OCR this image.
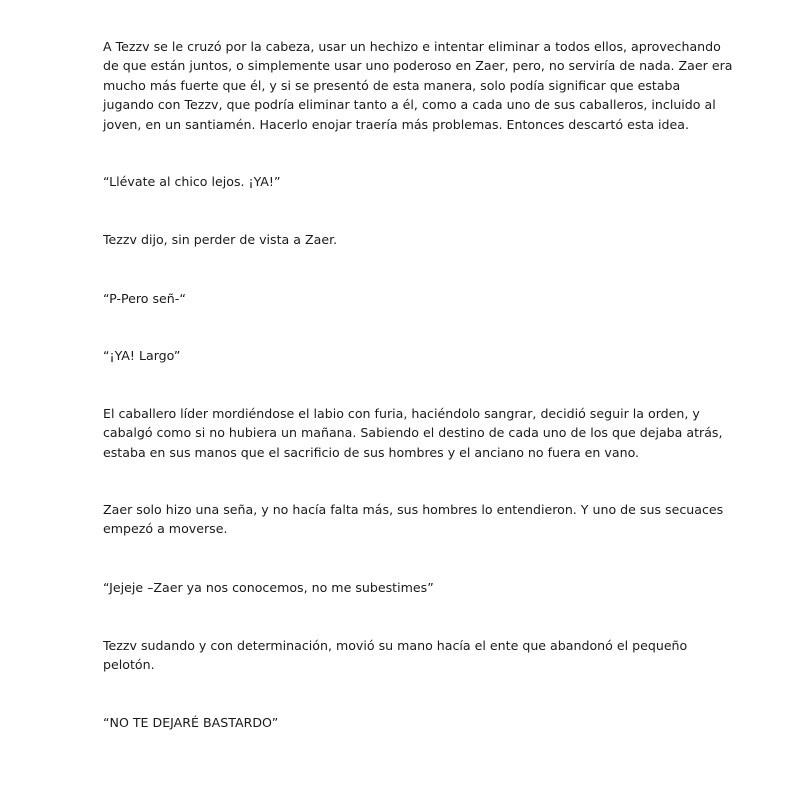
A Tezzv se le cruzó por la cabeza, usar un hechizo e intentar eliminar a todos ellos, aprovechando
de que están juntos, o simplemente usar uno poderoso en Zaer, pero, no serviría de nada. Zaer era
mucho más fuerte que él, y si se presentó de esta manera, solo podía significar que estaba
jugando con Tezzv, que podría eliminar tanto a él, como a cada uno de sus caballeros, incluido al
joven, en un santiamén. Hacerlo enojar traería más problemas. Entonces descartó esta idea.

“Llévate al chico lejos. ¡YA!”

Tezzv dijo, sin perder de vista a Zaer.

“P-Pero señ-“

“¡YA! Largo”

El caballero líder mordiéndose el labio con furia, haciéndolo sangrar, decidió seguir la orden, y
cabalgó como si no hubiera un mañana. Sabiendo el destino de cada uno de los que dejaba atrás,
estaba en sus manos que el sacrificio de sus hombres y el anciano no fuera en vano.

Zaer solo hizo una seña, y no hacía falta más, sus hombres lo entendieron. Y uno de sus secuaces
empezó a moverse.

“Jejeje –Zaer ya nos conocemos, no me subestimes”

Tezzv sudando y con determinación, movió su mano hacía el ente que abandonó el pequeño
pelotón.

“NO TE DEJARÉ BASTARDO”
